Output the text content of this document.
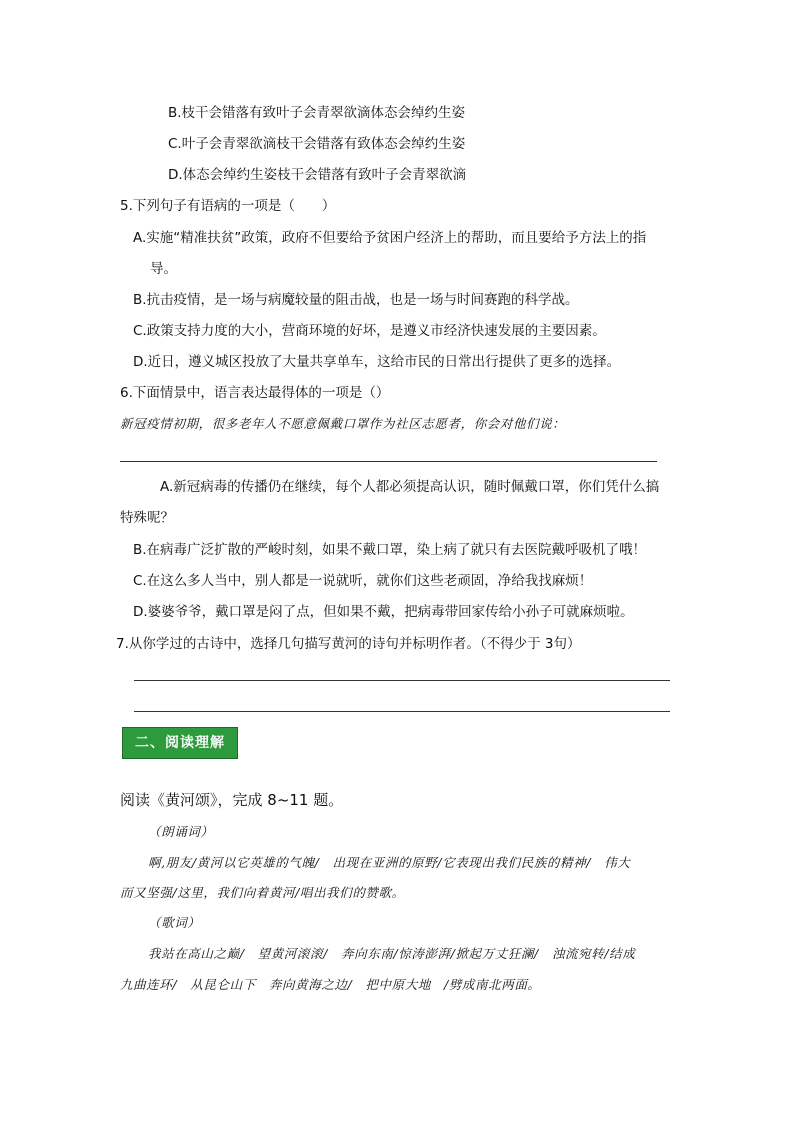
B.枝干会错落有致叶子会青翠欲滴体态会绰约生姿
C.叶子会青翠欲滴枝干会错落有致体态会绰约生姿
D.体态会绰约生姿枝干会错落有致叶子会青翠欲滴
5.下列句子有语病的一项是（　　）
A.实施“精准扶贫”政策，政府不但要给予贫困户经济上的帮助，而且要给予方法上的指
导。
B.抗击疫情，是一场与病魔较量的阻击战，也是一场与时间赛跑的科学战。
C.政策支持力度的大小，营商环境的好坏，是遵义市经济快速发展的主要因素。
D.近日，遵义城区投放了大量共享单车，这给市民的日常出行提供了更多的选择。
6.下面情景中，语言表达最得体的一项是（）
新冠疫情初期，很多老年人不愿意佩戴口罩作为社区志愿者，你会对他们说：
A.新冠病毒的传播仍在继续，每个人都必须提高认识，随时佩戴口罩，你们凭什么搞
特殊呢？
B.在病毒广泛扩散的严峻时刻，如果不戴口罩，染上病了就只有去医院戴呼吸机了哦！
C.在这么多人当中，别人都是一说就听，就你们这些老顽固，净给我找麻烦！
D.婆婆爷爷，戴口罩是闷了点，但如果不戴，把病毒带回家传给小孙子可就麻烦啦。
7.从你学过的古诗中，选择几句描写黄河的诗句并标明作者。（不得少于 3句）
二、阅读理解
阅读《黄河颂》，完成 8~11 题。
（朗诵词）
啊,朋友/黄河以它英雄的气魄/　出现在亚洲的原野/它表现出我们民族的精神/　伟大
而又坚强/这里，我们向着黄河/唱出我们的赞歌。
（歌词）
我站在高山之巅/　望黄河滚滚/　奔向东南/惊涛澎湃/掀起万丈狂澜/　浊流宛转/结成
九曲连环/　从昆仑山下　奔向黄海之边/　把中原大地　/劈成南北两面。
